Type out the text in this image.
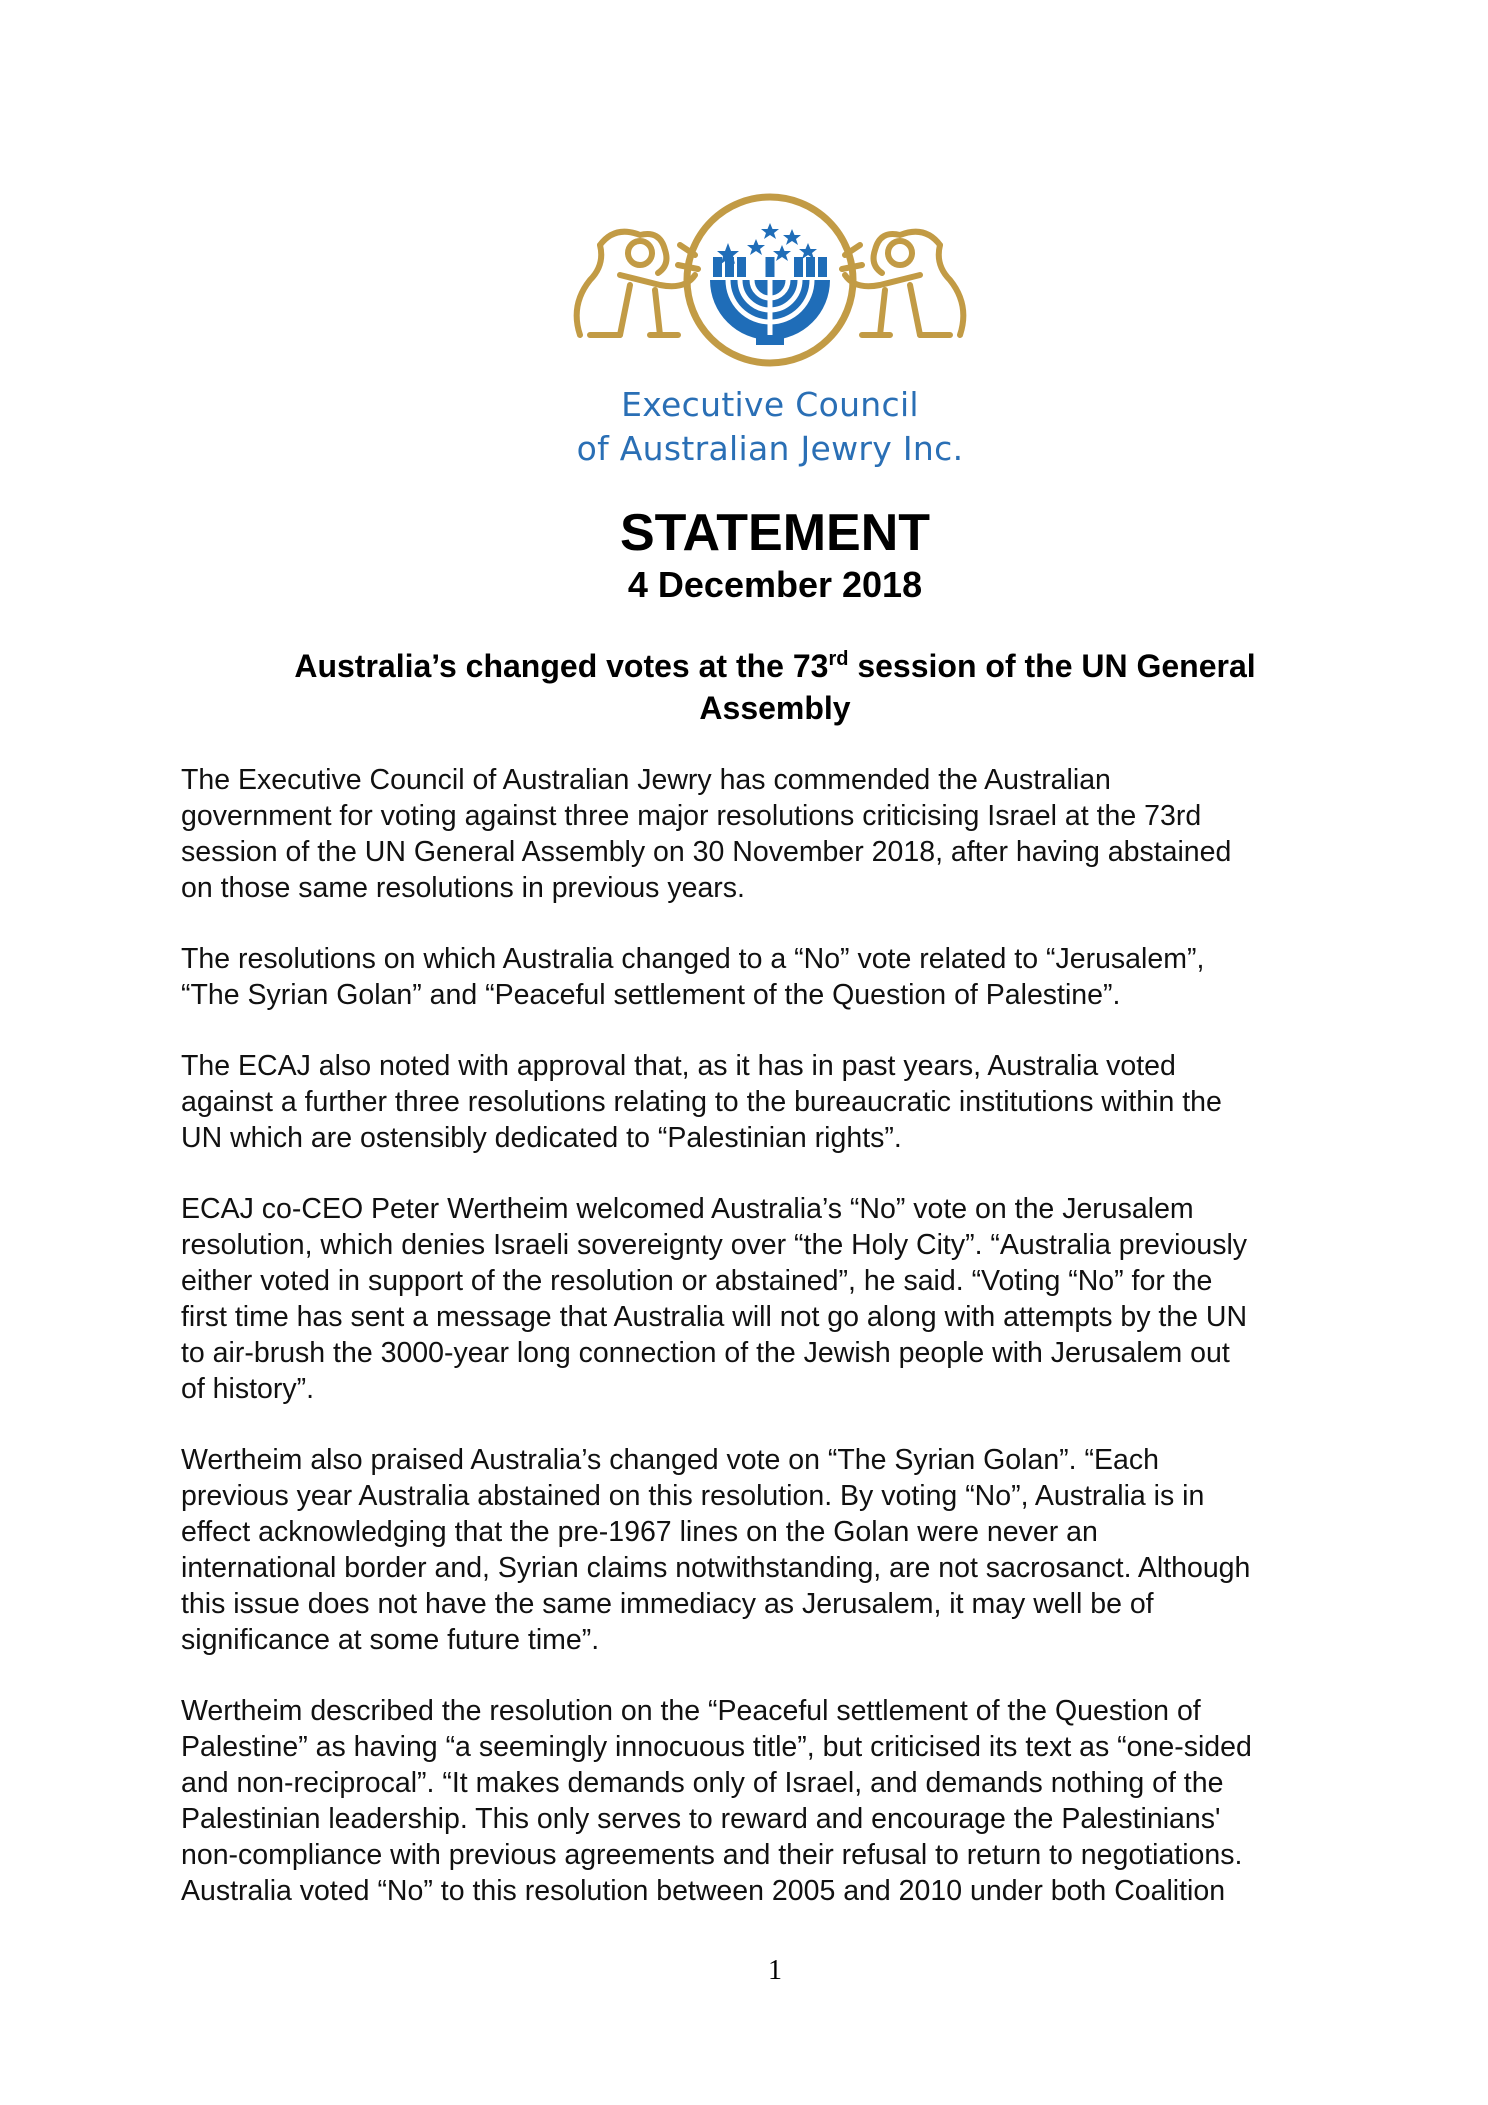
Executive Council
of Australian Jewry Inc.
STATEMENT
4 December 2018
Australia’s changed votes at the 73rd session of the UN General
Assembly
The Executive Council of Australian Jewry has commended the Australian
government for voting against three major resolutions criticising Israel at the 73rd
session of the UN General Assembly on 30 November 2018, after having abstained
on those same resolutions in previous years.
The resolutions on which Australia changed to a “No” vote related to “Jerusalem”,
“The Syrian Golan” and “Peaceful settlement of the Question of Palestine”.
The ECAJ also noted with approval that, as it has in past years, Australia voted
against a further three resolutions relating to the bureaucratic institutions within the
UN which are ostensibly dedicated to “Palestinian rights”.
ECAJ co-CEO Peter Wertheim welcomed Australia’s “No” vote on the Jerusalem
resolution, which denies Israeli sovereignty over “the Holy City”. “Australia previously
either voted in support of the resolution or abstained”, he said. “Voting “No” for the
first time has sent a message that Australia will not go along with attempts by the UN
to air-brush the 3000-year long connection of the Jewish people with Jerusalem out
of history”.
Wertheim also praised Australia’s changed vote on “The Syrian Golan”. “Each
previous year Australia abstained on this resolution. By voting “No”, Australia is in
effect acknowledging that the pre-1967 lines on the Golan were never an
international border and, Syrian claims notwithstanding, are not sacrosanct. Although
this issue does not have the same immediacy as Jerusalem, it may well be of
significance at some future time”.
Wertheim described the resolution on the “Peaceful settlement of the Question of
Palestine” as having “a seemingly innocuous title”, but criticised its text as “one-sided
and non-reciprocal”. “It makes demands only of Israel, and demands nothing of the
Palestinian leadership. This only serves to reward and encourage the Palestinians'
non-compliance with previous agreements and their refusal to return to negotiations.
Australia voted “No” to this resolution between 2005 and 2010 under both Coalition
1
